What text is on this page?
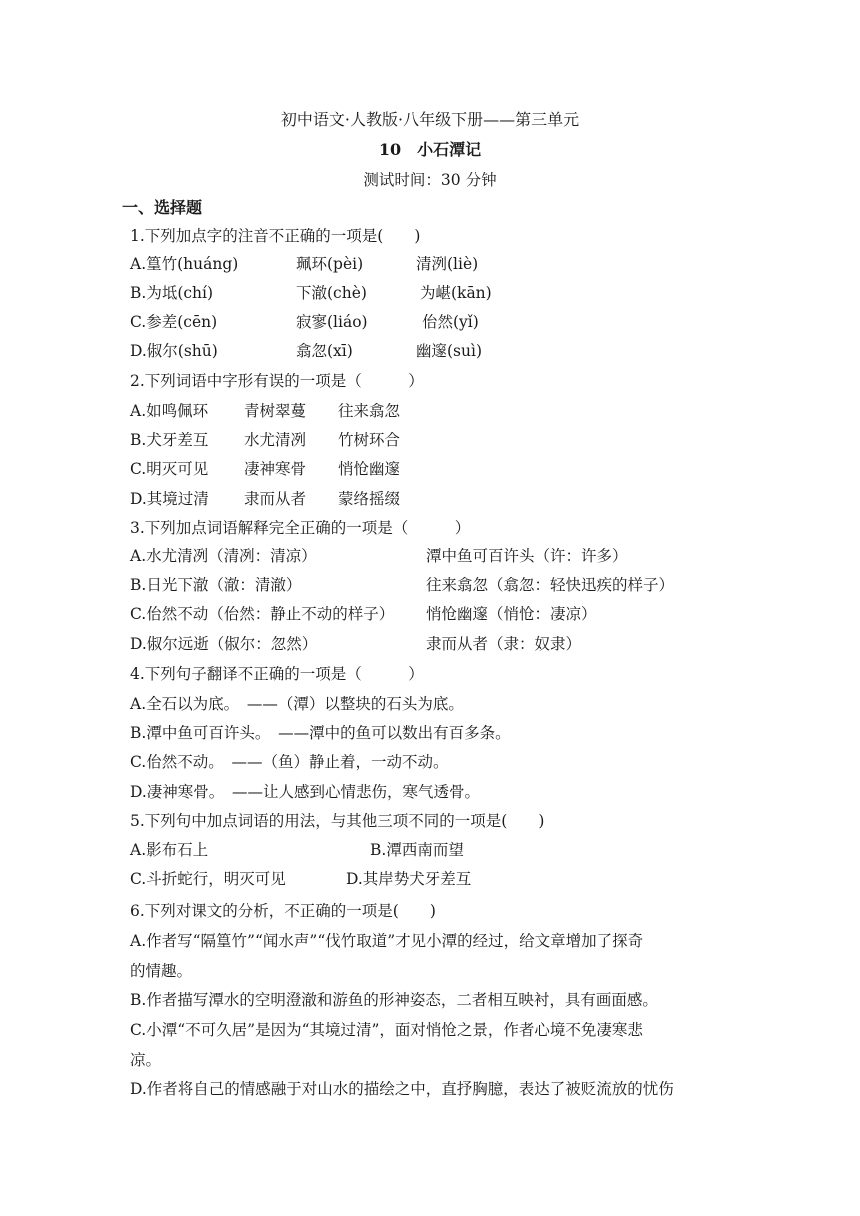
初中语文·人教版·八年级下册——第三单元
10　小石潭记
测试时间：30 分钟
一、选择题
1.下列加点字的注音不正确的一项是(　　)
A.篁竹(huáng)	珮环(pèi)	清洌(liè)
B.为坻(chí)	下澈(chè)	为嵁(kān)
C.参差(cēn)	寂寥(liáo)	佁然(yǐ)
D.俶尔(shū)	翕忽(xī)	幽邃(suì)
2.下列词语中字形有误的一项是（　　　）
A.如鸣佩环 青树翠蔓 往来翕忽
B.犬牙差互 水尤清冽 竹树环合
C.明灭可见 凄神寒骨 悄怆幽邃
D.其境过清 隶而从者 蒙络摇缀
3.下列加点词语解释完全正确的一项是（　　　）
A.水尤清冽（清冽：清凉）	潭中鱼可百许头（许：许多）
B.日光下澈（澈：清澈）	往来翕忽（翕忽：轻快迅疾的样子）
C.佁然不动（佁然：静止不动的样子） 悄怆幽邃（悄怆：凄凉）
D.俶尔远逝（俶尔：忽然）	隶而从者（隶：奴隶）
4.下列句子翻译不正确的一项是（　　　）
A.全石以为底。　——（潭）以整块的石头为底。
B.潭中鱼可百许头。　——潭中的鱼可以数出有百多条。
C.佁然不动。　——（鱼）静止着，一动不动。
D.凄神寒骨。　——让人感到心情悲伤，寒气透骨。
5.下列句中加点词语的用法，与其他三项不同的一项是(　　)
A.影布石上	B.潭西南而望
C.斗折蛇行，明灭可见	D.其岸势犬牙差互
6.下列对课文的分析，不正确的一项是(　　)
A.作者写“隔篁竹”“闻水声”“伐竹取道”才见小潭的经过，给文章增加了探奇
的情趣。
B.作者描写潭水的空明澄澈和游鱼的形神姿态，二者相互映衬，具有画面感。
C.小潭“不可久居”是因为“其境过清”，面对悄怆之景，作者心境不免凄寒悲
凉。
D.作者将自己的情感融于对山水的描绘之中，直抒胸臆，表达了被贬流放的忧伤
